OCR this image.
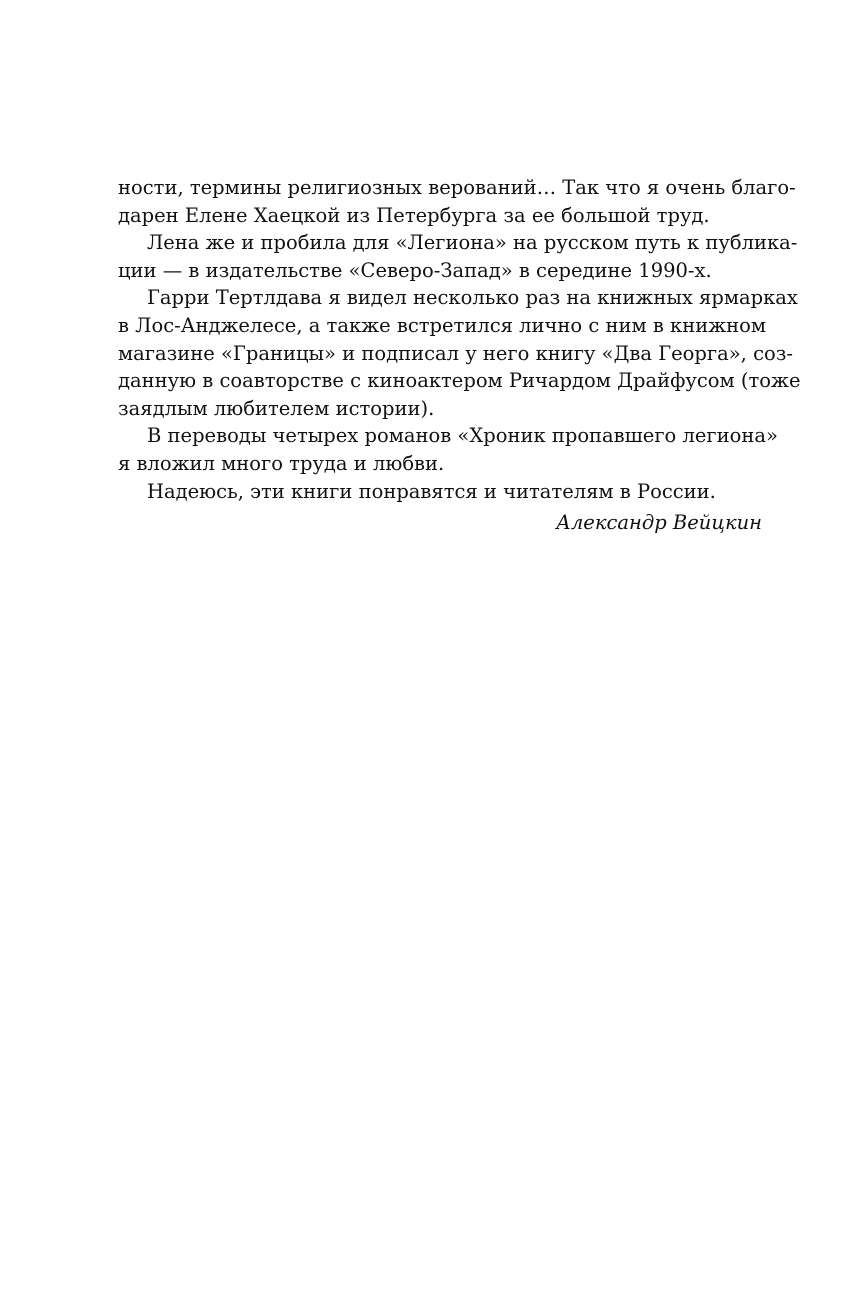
ности, термины религиозных верований… Так что я очень благо-
дарен Елене Хаецкой из Петербурга за ее большой труд.
Лена же и пробила для «Легиона» на русском путь к публика-
ции — в издательстве «Северо-Запад» в середине 1990-х.
Гарри Тертлдава я видел несколько раз на книжных ярмарках
в Лос-Анджелесе, а также встретился лично с ним в книжном
магазине «Границы» и подписал у него книгу «Два Георга», соз-
данную в соавторстве с киноактером Ричардом Драйфусом (тоже
заядлым любителем истории).
В переводы четырех романов «Хроник пропавшего легиона»
я вложил много труда и любви.
Надеюсь, эти книги понравятся и читателям в России.
Александр Вейцкин
